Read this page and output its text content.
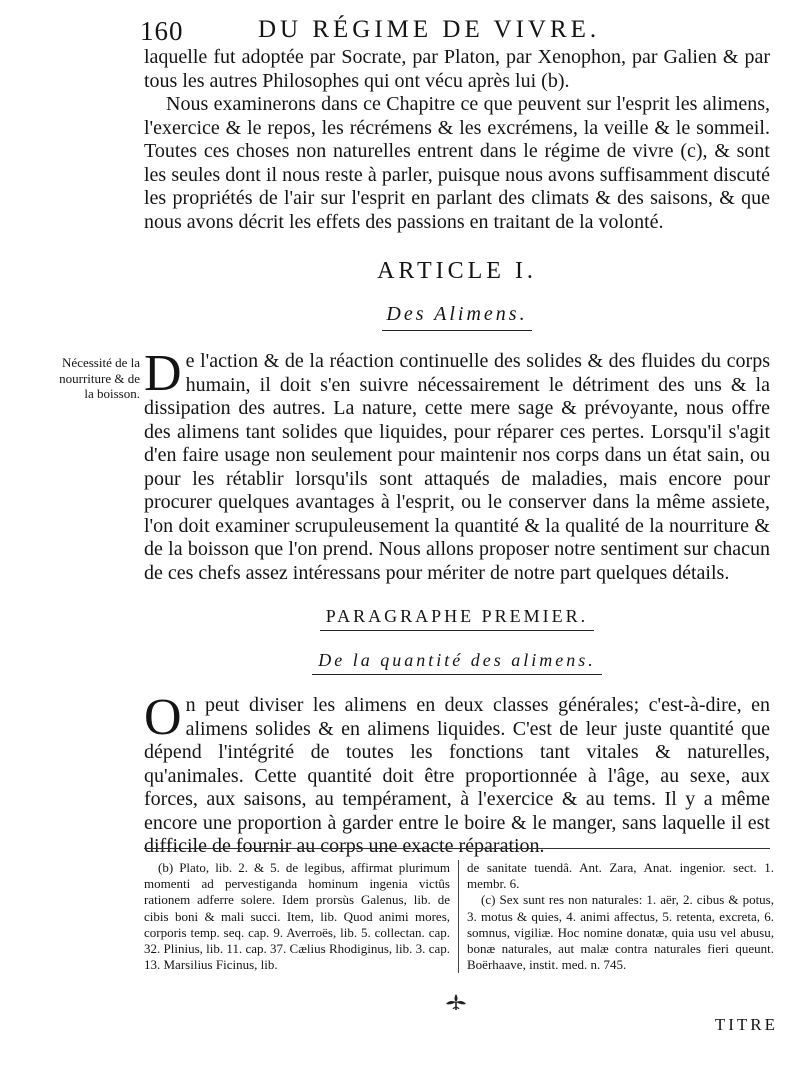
160	DU RÉGIME DE VIVRE.

laquelle fut adoptée par Socrate, par Platon, par Xenophon, par Galien & par tous les autres Philosophes qui ont vécu après lui (b).

Nous examinerons dans ce Chapitre ce que peuvent sur l'esprit les alimens, l'exercice & le repos, les récrémens & les excrémens, la veille & le sommeil. Toutes ces choses non naturelles entrent dans le régime de vivre (c), & sont les seules dont il nous reste à parler, puisque nous avons suffisamment discuté les propriétés de l'air sur l'esprit en parlant des climats & des saisons, & que nous avons décrit les effets des passions en traitant de la volonté.

ARTICLE I.
Des Alimens.
Nécessité de la nourriture & de la boisson. De l'action & de la réaction continuelle des solides & des fluides du corps humain, il doit s'en suivre nécessairement le détriment des uns & la dissipation des autres. La nature, cette mere sage & prévoyante, nous offre des alimens tant solides que liquides, pour réparer ces pertes. Lorsqu'il s'agit d'en faire usage non seulement pour maintenir nos corps dans un état sain, ou pour les rétablir lorsqu'ils sont attaqués de maladies, mais encore pour procurer quelques avantages à l'esprit, ou le conserver dans la même assiete, l'on doit examiner scrupuleusement la quantité & la qualité de la nourriture & de la boisson que l'on prend. Nous allons proposer notre sentiment sur chacun de ces chefs assez intéressans pour mériter de notre part quelques détails.

PARAGRAPHE PREMIER.
De la quantité des alimens.

On peut diviser les alimens en deux classes générales; c'est-à-dire, en alimens solides & en alimens liquides. C'est de leur juste quantité que dépend l'intégrité de toutes les fonctions tant vitales & naturelles, qu'animales. Cette quantité doit être proportionnée à l'âge, au sexe, aux forces, aux saisons, au tempérament, à l'exercice & au tems. Il y a même encore une proportion à garder entre le boire & le manger, sans laquelle il est difficile de fournir au corps une exacte réparation.

(b) Plato, lib. 2. & 5. de legibus, affirmat plurimum momenti ad pervestiganda hominum ingenia victûs rationem adferre solere. Idem prorsùs Galenus, lib. de cibis boni & mali succi. Item, lib. Quod animi mores, corporis temp. seq. cap. 9. Averroës, lib. 5. collectan. cap. 32. Plinius, lib. 11. cap. 37. Cælius Rhodiginus, lib. 3. cap. 13. Marsilius Ficinus, lib.

de sanitate tuendâ. Ant. Zara, Anat. ingenior. sect. 1. membr. 6.

(c) Sex sunt res non naturales: 1. aër, 2. cibus & potus, 3. motus & quies, 4. animi affectus, 5. retenta, excreta, 6. somnus, vigiliæ. Hoc nomine donatæ, quia usu vel abusu, bonæ naturales, aut malæ contra naturales fieri queunt. Boërhaave, instit. med. n. 745.

TITRE
